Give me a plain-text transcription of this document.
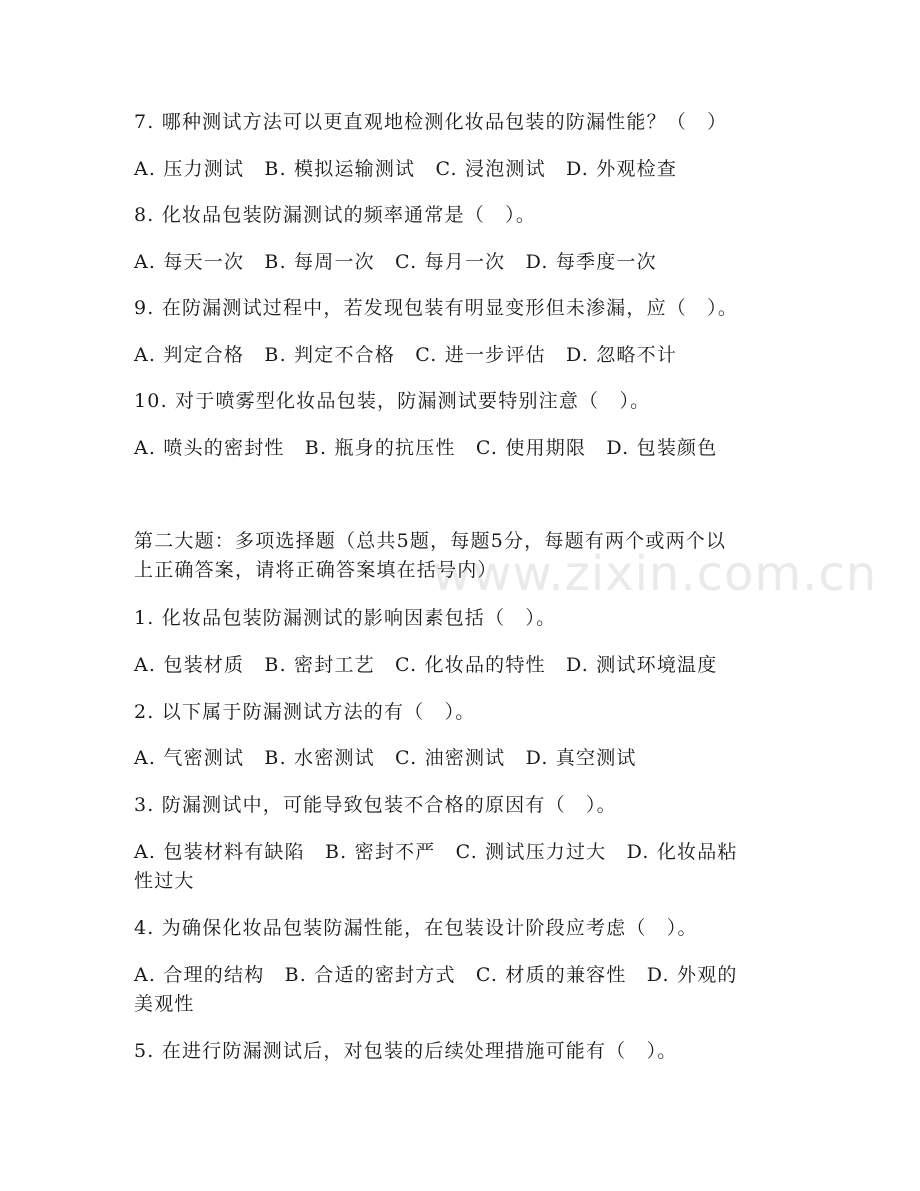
www.zixin.com.cn
7. 哪种测试方法可以更直观地检测化妆品包装的防漏性能？（　）
A. 压力测试　B. 模拟运输测试　C. 浸泡测试　D. 外观检查
8. 化妆品包装防漏测试的频率通常是（　）。
A. 每天一次　B. 每周一次　C. 每月一次　D. 每季度一次
9. 在防漏测试过程中，若发现包装有明显变形但未渗漏，应（　）。
A. 判定合格　B. 判定不合格　C. 进一步评估　D. 忽略不计
10. 对于喷雾型化妆品包装，防漏测试要特别注意（　）。
A. 喷头的密封性　B. 瓶身的抗压性　C. 使用期限　D. 包装颜色
第二大题：多项选择题（总共5题，每题5分，每题有两个或两个以
上正确答案，请将正确答案填在括号内）
1. 化妆品包装防漏测试的影响因素包括（　）。
A. 包装材质　B. 密封工艺　C. 化妆品的特性　D. 测试环境温度
2. 以下属于防漏测试方法的有（　）。
A. 气密测试　B. 水密测试　C. 油密测试　D. 真空测试
3. 防漏测试中，可能导致包装不合格的原因有（　）。
A. 包装材料有缺陷　B. 密封不严　C. 测试压力过大　D. 化妆品粘
性过大
4. 为确保化妆品包装防漏性能，在包装设计阶段应考虑（　）。
A. 合理的结构　B. 合适的密封方式　C. 材质的兼容性　D. 外观的
美观性
5. 在进行防漏测试后，对包装的后续处理措施可能有（　）。
